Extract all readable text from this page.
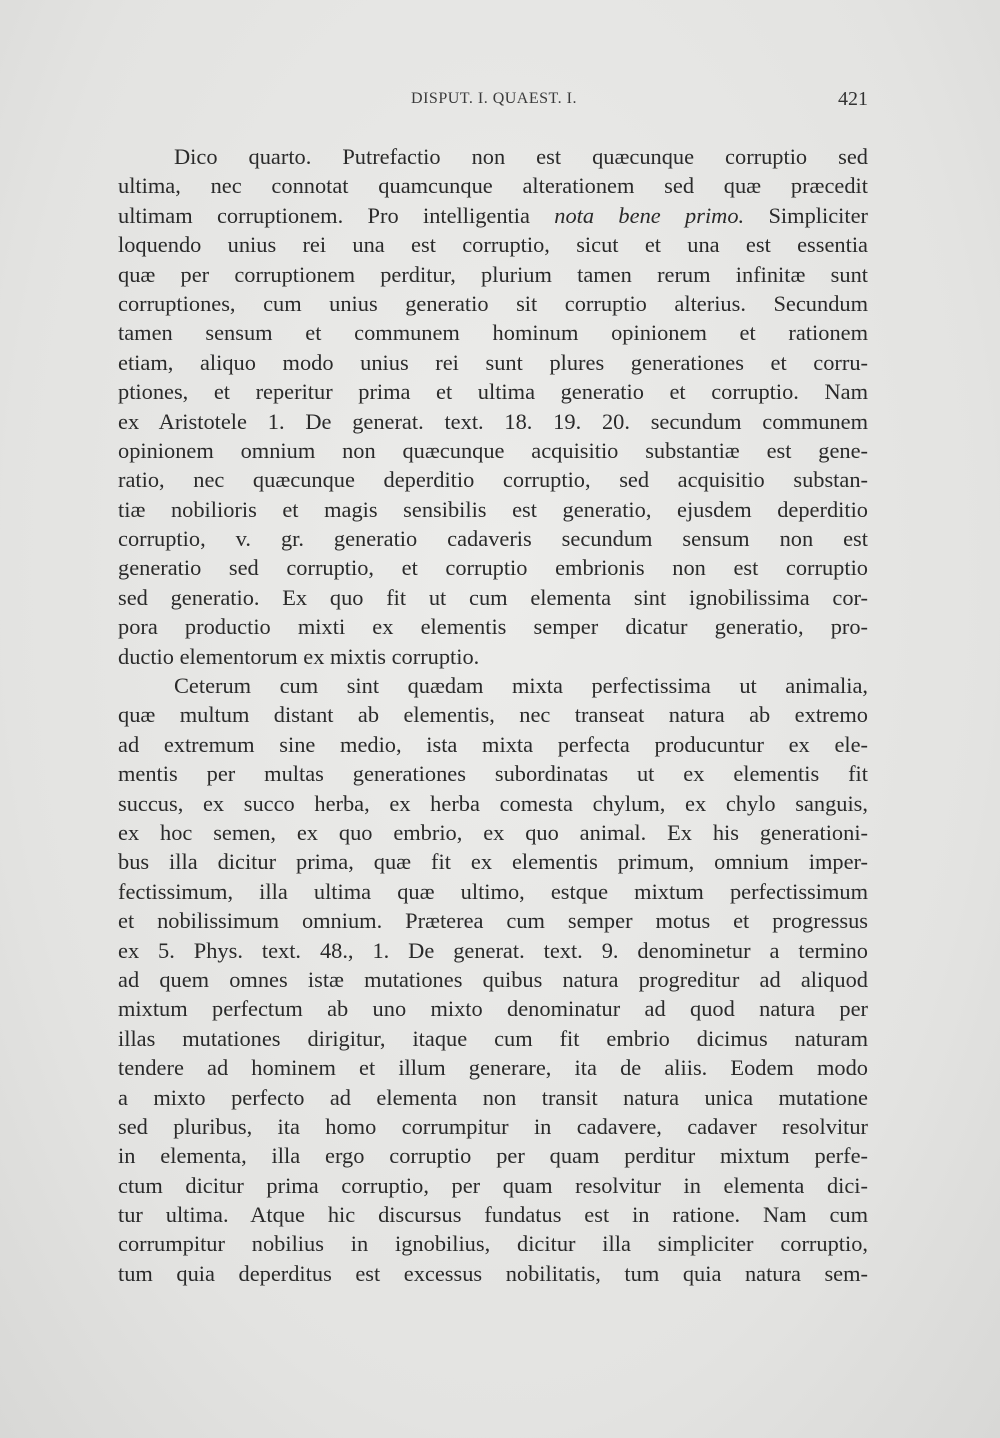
DISPUT. I. QUAEST. I.	421
Dico quarto. Putrefactio non est quæcunque corruptio sed
ultima, nec connotat quamcunque alterationem sed quæ præcedit
ultimam corruptionem. Pro intelligentia nota bene primo. Simpliciter
loquendo unius rei una est corruptio, sicut et una est essentia
quæ per corruptionem perditur, plurium tamen rerum infinitæ sunt
corruptiones, cum unius generatio sit corruptio alterius. Secundum
tamen sensum et communem hominum opinionem et rationem
etiam, aliquo modo unius rei sunt plures generationes et corru-
ptiones, et reperitur prima et ultima generatio et corruptio. Nam
ex Aristotele 1. De generat. text. 18. 19. 20. secundum communem
opinionem omnium non quæcunque acquisitio substantiæ est gene-
ratio, nec quæcunque deperditio corruptio, sed acquisitio substan-
tiæ nobilioris et magis sensibilis est generatio, ejusdem deperditio
corruptio, v. gr. generatio cadaveris secundum sensum non est
generatio sed corruptio, et corruptio embrionis non est corruptio
sed generatio. Ex quo fit ut cum elementa sint ignobilissima cor-
pora productio mixti ex elementis semper dicatur generatio, pro-
ductio elementorum ex mixtis corruptio.
Ceterum cum sint quædam mixta perfectissima ut animalia,
quæ multum distant ab elementis, nec transeat natura ab extremo
ad extremum sine medio, ista mixta perfecta producuntur ex ele-
mentis per multas generationes subordinatas ut ex elementis fit
succus, ex succo herba, ex herba comesta chylum, ex chylo sanguis,
ex hoc semen, ex quo embrio, ex quo animal. Ex his generationi-
bus illa dicitur prima, quæ fit ex elementis primum, omnium imper-
fectissimum, illa ultima quæ ultimo, estque mixtum perfectissimum
et nobilissimum omnium. Præterea cum semper motus et progressus
ex 5. Phys. text. 48., 1. De generat. text. 9. denominetur a termino
ad quem omnes istæ mutationes quibus natura progreditur ad aliquod
mixtum perfectum ab uno mixto denominatur ad quod natura per
illas mutationes dirigitur, itaque cum fit embrio dicimus naturam
tendere ad hominem et illum generare, ita de aliis. Eodem modo
a mixto perfecto ad elementa non transit natura unica mutatione
sed pluribus, ita homo corrumpitur in cadavere, cadaver resolvitur
in elementa, illa ergo corruptio per quam perditur mixtum perfe-
ctum dicitur prima corruptio, per quam resolvitur in elementa dici-
tur ultima. Atque hic discursus fundatus est in ratione. Nam cum
corrumpitur nobilius in ignobilius, dicitur illa simpliciter corruptio,
tum quia deperditus est excessus nobilitatis, tum quia natura sem-
